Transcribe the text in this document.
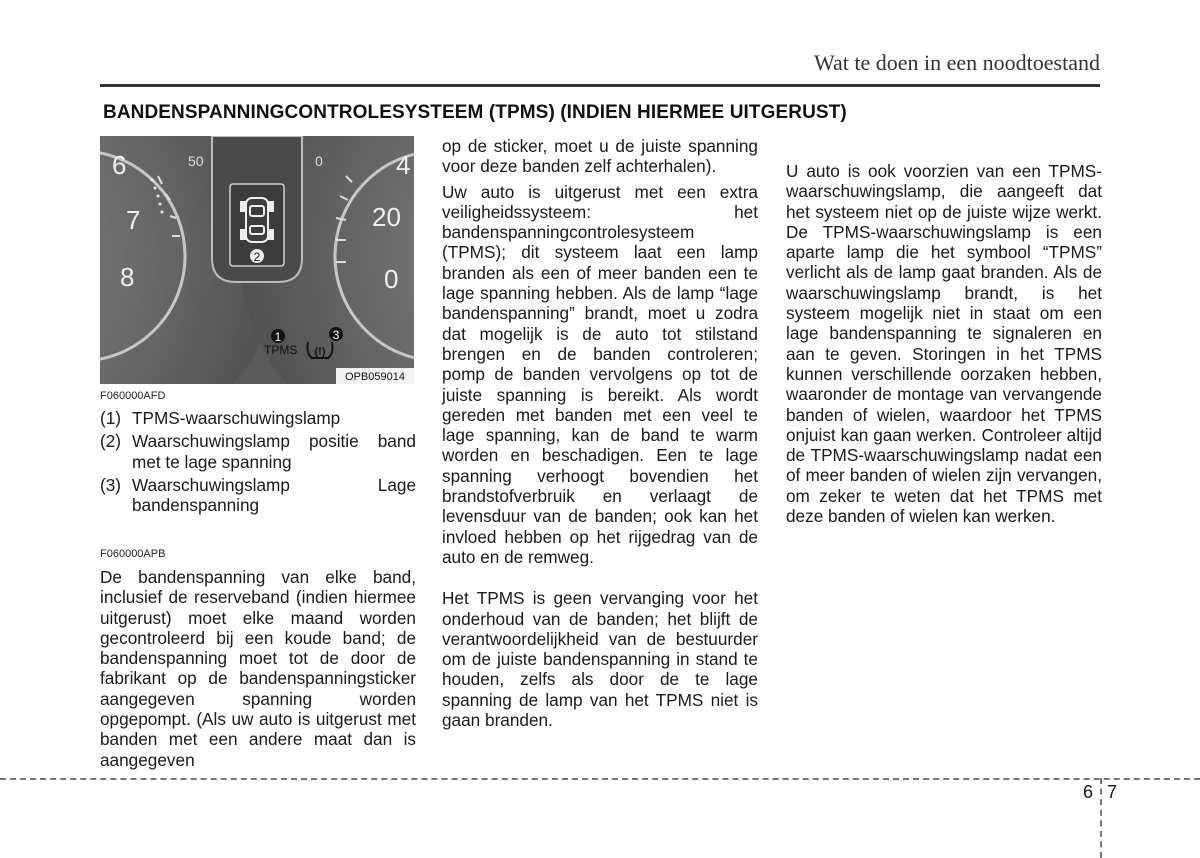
Wat te doen in een noodtoestand
BANDENSPANNINGCONTROLESYSTEEM (TPMS) (INDIEN HIERMEE UITGERUST)
6
7
8
50	4
20
0
0
2
1
TPMS (!)
3
OPB059014
F060000AFD
(1) TPMS-waarschuwingslamp
(2) Waarschuwingslamp positie band met te lage spanning
(3) Waarschuwingslamp Lage bandenspanning
F060000APB

De bandenspanning van elke band, inclusief de reserveband (indien hiermee uitgerust) moet elke maand worden gecontroleerd bij een koude band; de bandenspanning moet tot de door de fabrikant op de bandenspanningsticker aangegeven spanning worden opgepompt. (Als uw auto is uitgerust met banden met een andere maat dan is aangegeven

op de sticker, moet u de juiste spanning voor deze banden zelf achterhalen).

Uw auto is uitgerust met een extra veiligheidssysteem: het bandenspanningcontrolesysteem (TPMS); dit systeem laat een lamp branden als een of meer banden een te lage spanning hebben. Als de lamp “lage bandenspanning” brandt, moet u zodra dat mogelijk is de auto tot stilstand brengen en de banden controleren; pomp de banden vervolgens op tot de juiste spanning is bereikt. Als wordt gereden met banden met een veel te lage spanning, kan de band te warm worden en beschadigen. Een te lage spanning verhoogt bovendien het brandstofverbruik en verlaagt de levensduur van de banden; ook kan het invloed hebben op het rijgedrag van de auto en de remweg.

Het TPMS is geen vervanging voor het onderhoud van de banden; het blijft de verantwoordelijkheid van de bestuurder om de juiste bandenspanning in stand te houden, zelfs als door de te lage spanning de lamp van het TPMS niet is gaan branden.

U auto is ook voorzien van een TPMS-waarschuwingslamp, die aangeeft dat het systeem niet op de juiste wijze werkt. De TPMS-waarschuwingslamp is een aparte lamp die het symbool “TPMS” verlicht als de lamp gaat branden. Als de waarschuwingslamp brandt, is het systeem mogelijk niet in staat om een lage bandenspanning te signaleren en aan te geven. Storingen in het TPMS kunnen verschillende oorzaken hebben, waaronder de montage van vervangende banden of wielen, waardoor het TPMS onjuist kan gaan werken. Controleer altijd de TPMS-waarschuwingslamp nadat een of meer banden of wielen zijn vervangen, om zeker te weten dat het TPMS met deze banden of wielen kan werken.

6 7
